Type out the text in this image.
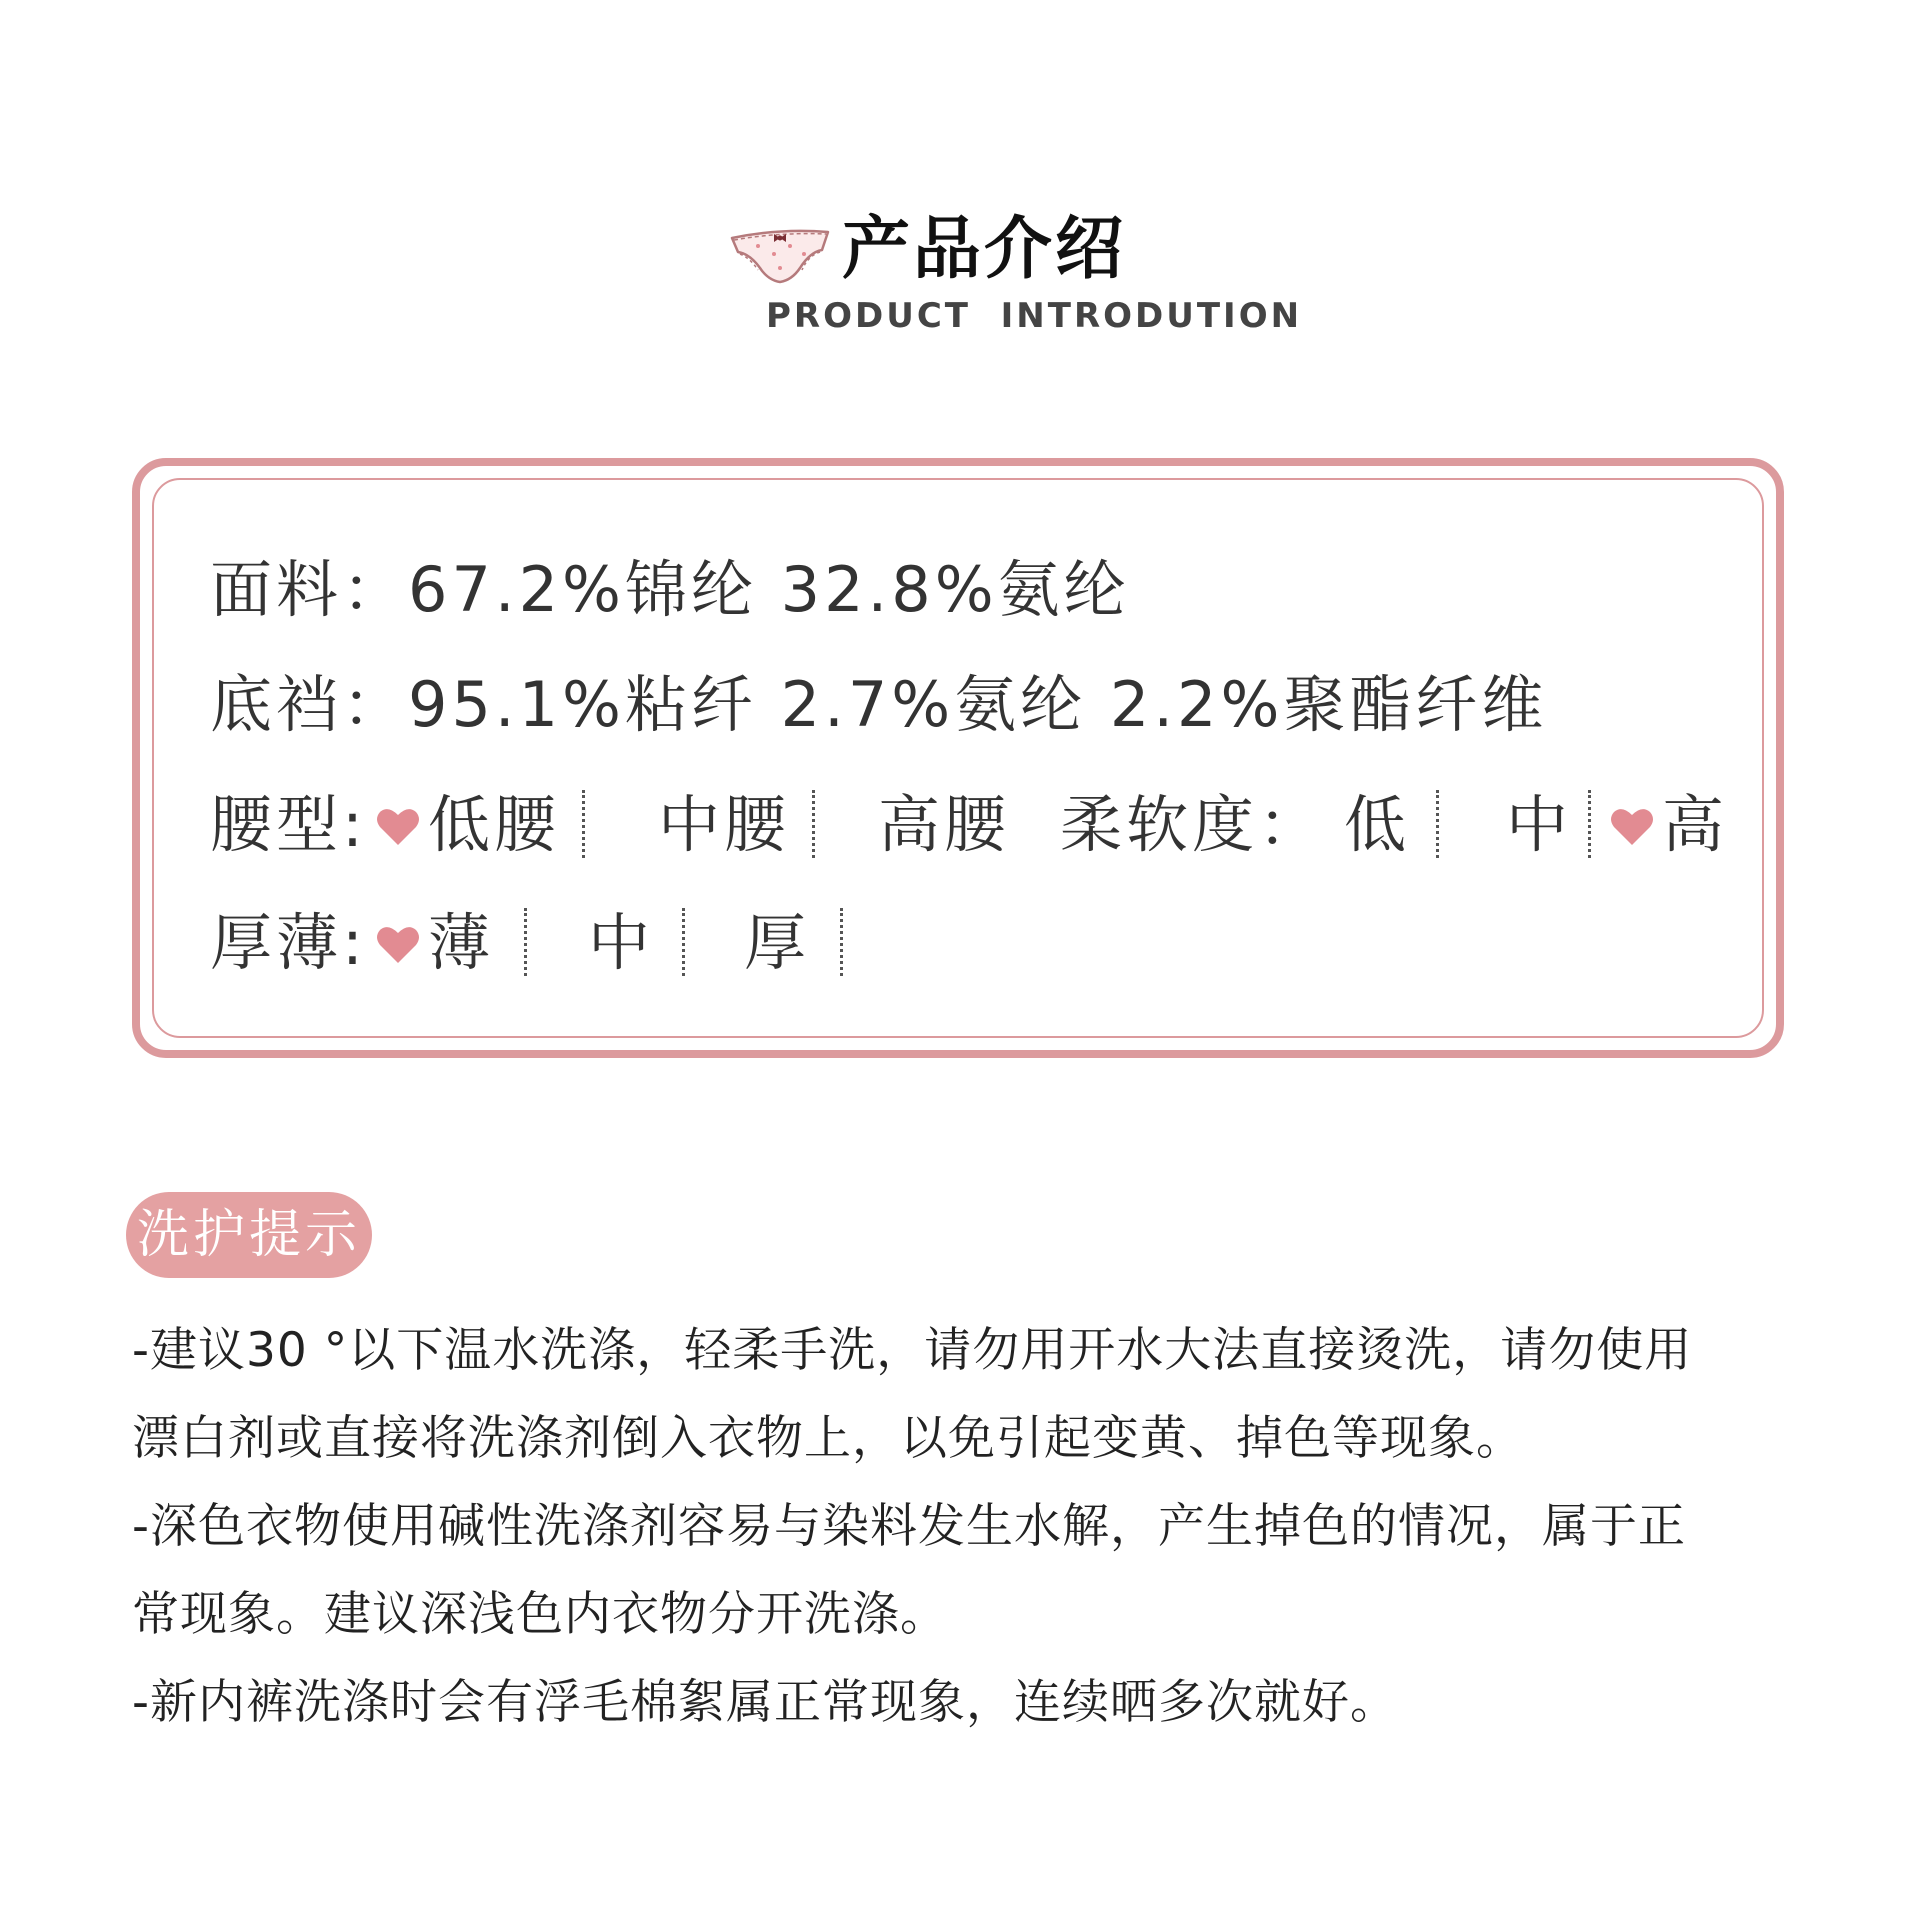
产品介绍
PRODUCT  INTRODUTION
面料：67.2%锦纶 32.8%氨纶
底裆：95.1%粘纤 2.7%氨纶 2.2%聚酯纤维
腰型: 低腰 中腰 高腰 柔软度： 低 中 高
厚薄: 薄 中 厚
洗护提示
-建议30 °以下温水洗涤，轻柔手洗，请勿用开水大法直接烫洗，请勿使用
漂白剂或直接将洗涤剂倒入衣物上，以免引起变黄、掉色等现象。
-深色衣物使用碱性洗涤剂容易与染料发生水解，产生掉色的情况，属于正
常现象。建议深浅色内衣物分开洗涤。
-新内裤洗涤时会有浮毛棉絮属正常现象，连续晒多次就好。
